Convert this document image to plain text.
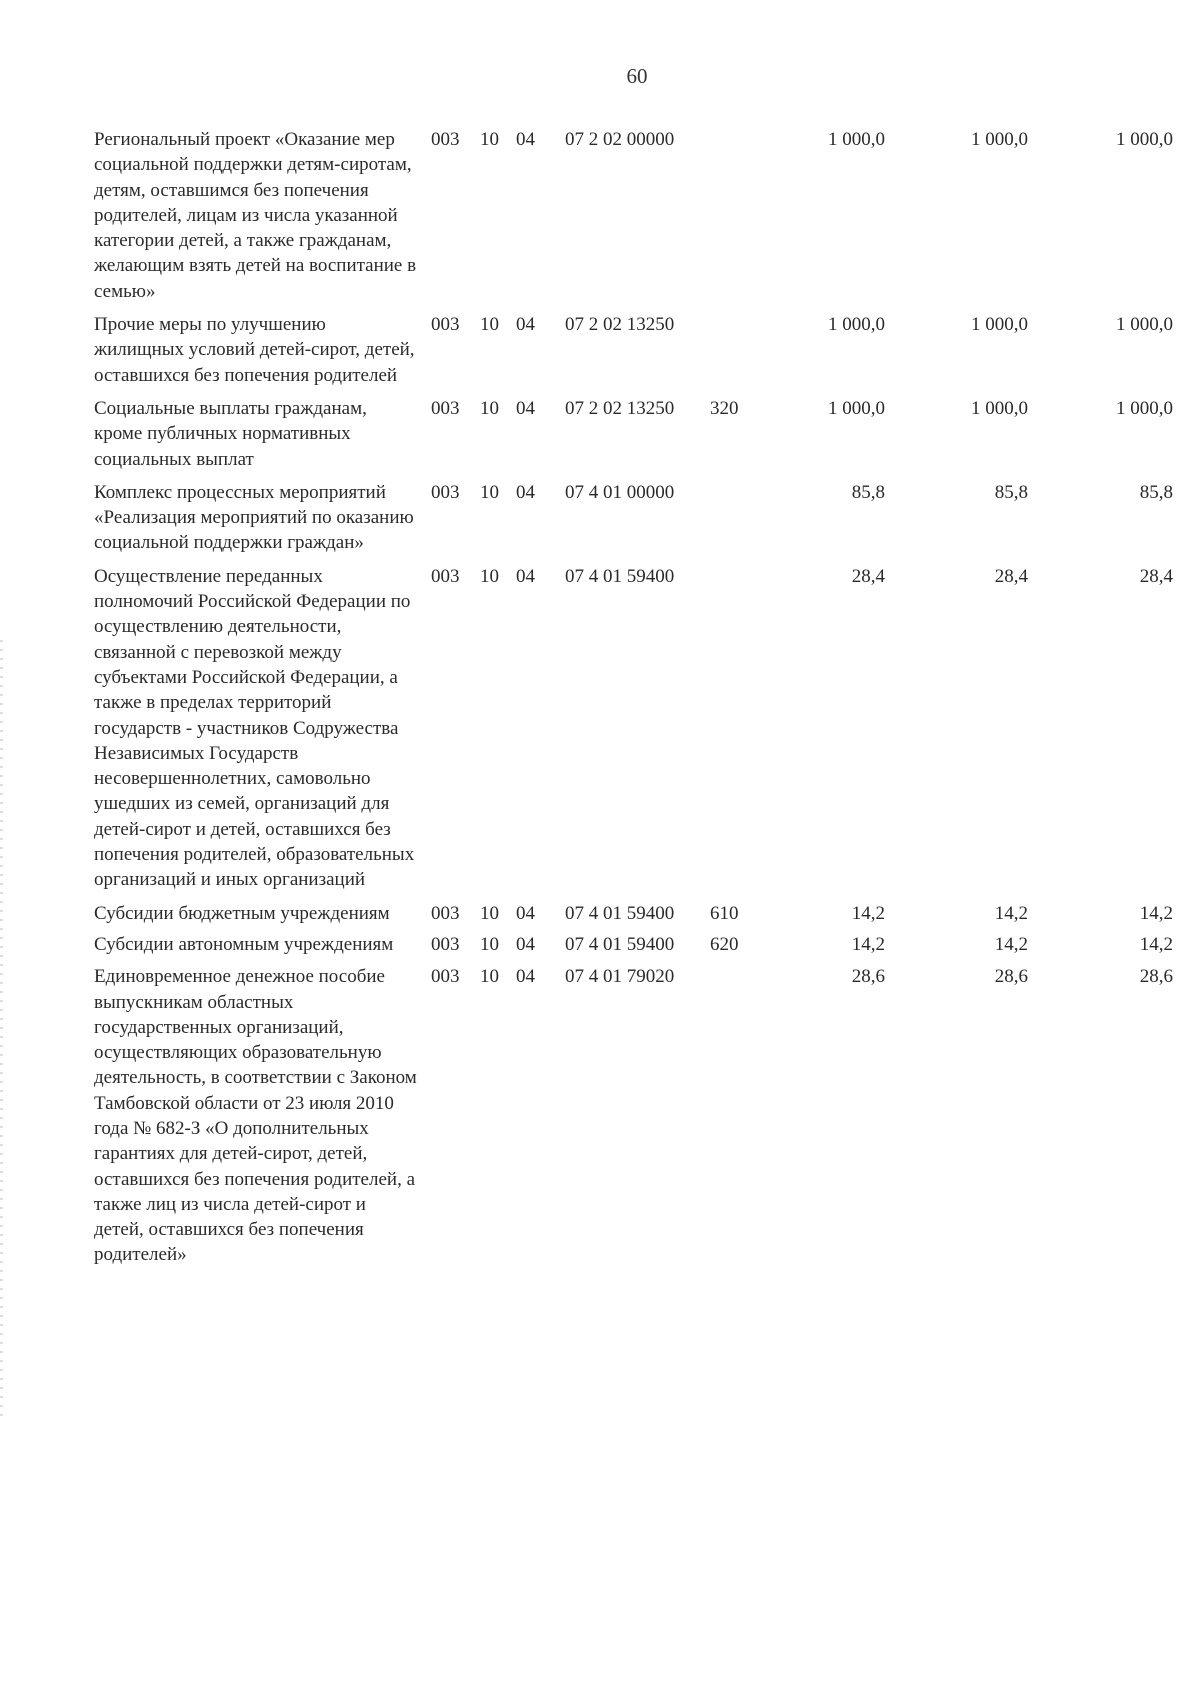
60
Региональный проект «Оказание мер социальной поддержки детям-сиротам, детям, оставшимся без попечения родителей, лицам из числа указанной категории детей, а также гражданам, желающим взять детей на воспитание в семью»
003 10 04 07 2 02 00000	1 000,0	1 000,0	1 000,0
Прочие меры по улучшению жилищных условий детей-сирот, детей, оставшихся без попечения родителей
003 10 04 07 2 02 13250	1 000,0	1 000,0	1 000,0
Социальные выплаты гражданам, кроме публичных нормативных социальных выплат
003 10 04 07 2 02 13250 320	1 000,0	1 000,0	1 000,0
Комплекс процессных мероприятий «Реализация мероприятий по оказанию социальной поддержки граждан»
003 10 04 07 4 01 00000	85,8	85,8	85,8
Осуществление переданных полномочий Российской Федерации по осуществлению деятельности, связанной с перевозкой между субъектами Российской Федерации, а также в пределах территорий государств - участников Содружества Независимых Государств несовершеннолетних, самовольно ушедших из семей, организаций для детей-сирот и детей, оставшихся без попечения родителей, образовательных организаций и иных организаций
003 10 04 07 4 01 59400	28,4	28,4	28,4
Субсидии бюджетным учреждениям	003 10 04 07 4 01 59400 610	14,2	14,2	14,2
Субсидии автономным учреждениям	003 10 04 07 4 01 59400 620	14,2	14,2	14,2
Единовременное денежное пособие выпускникам областных государственных организаций, осуществляющих образовательную деятельность, в соответствии с Законом Тамбовской области от 23 июля 2010 года № 682-З «О дополнительных гарантиях для детей-сирот, детей, оставшихся без попечения родителей, а также лиц из числа детей-сирот и детей, оставшихся без попечения родителей»
003 10 04 07 4 01 79020	28,6	28,6	28,6
